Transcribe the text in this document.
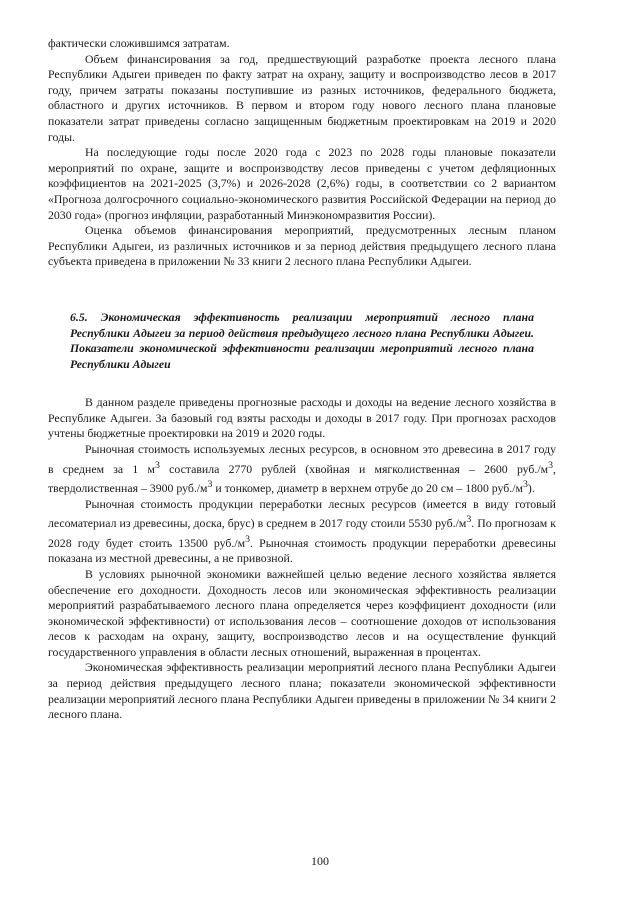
фактически сложившимся затратам.

Объем финансирования за год, предшествующий разработке проекта лесного плана Республики Адыгеи приведен по факту затрат на охрану, защиту и воспроизводство лесов в 2017 году, причем затраты показаны поступившие из разных источников, федерального бюджета, областного и других источников. В первом и втором году нового лесного плана плановые показатели затрат приведены согласно защищенным бюджетным проектировкам на 2019 и 2020 годы.

На последующие годы после 2020 года с 2023 по 2028 годы плановые показатели мероприятий по охране, защите и воспроизводству лесов приведены с учетом дефляционных коэффициентов на 2021-2025 (3,7%) и 2026-2028 (2,6%) годы, в соответствии со 2 вариантом «Прогноза долгосрочного социально-экономического развития Российской Федерации на период до 2030 года» (прогноз инфляции, разработанный Минэкономразвития России).

Оценка объемов финансирования мероприятий, предусмотренных лесным планом Республики Адыгеи, из различных источников и за период действия предыдущего лесного плана субъекта приведена в приложении № 33 книги 2 лесного плана Республики Адыгеи.

6.5. Экономическая эффективность реализации мероприятий лесного плана Республики Адыгеи за период действия предыдущего лесного плана Республики Адыгеи. Показатели экономической эффективности реализации мероприятий лесного плана Республики Адыгеи

В данном разделе приведены прогнозные расходы и доходы на ведение лесного хозяйства в Республике Адыгеи. За базовый год взяты расходы и доходы в 2017 году. При прогнозах расходов учтены бюджетные проектировки на 2019 и 2020 годы.

Рыночная стоимость используемых лесных ресурсов, в основном это древесина в 2017 году в среднем за 1 $м^3$ составила 2770 рублей (хвойная и мягколиственная – 2600 $руб./м^3$, твердолиственная – 3900 $руб./м^3$ и тонкомер, диаметр в верхнем отрубе до 20 см – 1800 $руб./м^3$).

Рыночная стоимость продукции переработки лесных ресурсов (имеется в виду готовый лесоматериал из древесины, доска, брус) в среднем в 2017 году стоили 5530 $руб./м^3$. По прогнозам к 2028 году будет стоить 13500 $руб./м^3$. Рыночная стоимость продукции переработки древесины показана из местной древесины, а не привозной.

В условиях рыночной экономики важнейшей целью ведение лесного хозяйства является обеспечение его доходности. Доходность лесов или экономическая эффективность реализации мероприятий разрабатываемого лесного плана определяется через коэффициент доходности (или экономической эффективности) от использования лесов – соотношение доходов от использования лесов к расходам на охрану, защиту, воспроизводство лесов и на осуществление функций государственного управления в области лесных отношений, выраженная в процентах.

Экономическая эффективность реализации мероприятий лесного плана Республики Адыгеи за период действия предыдущего лесного плана; показатели экономической эффективности реализации мероприятий лесного плана Республики Адыгеи приведены в приложении № 34 книги 2 лесного плана.

100
